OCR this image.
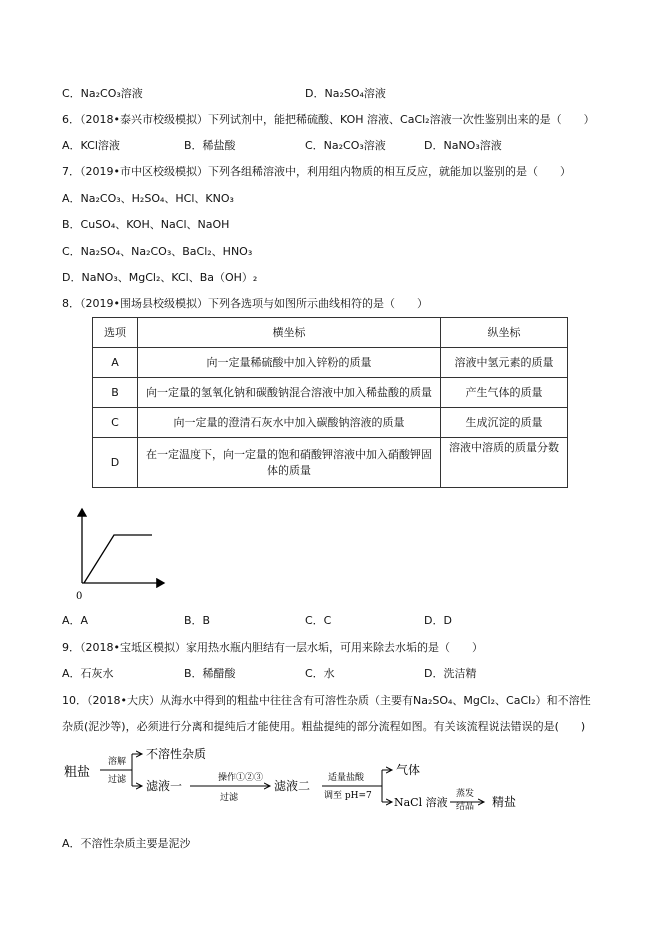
C．Na₂CO₃溶液	D．Na₂SO₄溶液
6．（2018•泰兴市校级模拟）下列试剂中，能把稀硫酸、KOH 溶液、CaCl₂溶液一次性鉴别出来的是（　　）
A．KCl溶液	B．稀盐酸	C．Na₂CO₃溶液	D．NaNO₃溶液
7．（2019•市中区校级模拟）下列各组稀溶液中，利用组内物质的相互反应，就能加以鉴别的是（　　）
A．Na₂CO₃、H₂SO₄、HCl、KNO₃
B．CuSO₄、KOH、NaCl、NaOH
C．Na₂SO₄、Na₂CO₃、BaCl₂、HNO₃
D．NaNO₃、MgCl₂、KCl、Ba（OH）₂
8．（2019•围场县校级模拟）下列各选项与如图所示曲线相符的是（　　）
选项	横坐标	纵坐标
A	向一定量稀硫酸中加入锌粉的质量	溶液中氢元素的质量
B	向一定量的氢氧化钠和碳酸钠混合溶液中加入稀盐酸的质量	产生气体的质量
C	向一定量的澄清石灰水中加入碳酸钠溶液的质量	生成沉淀的质量
D	在一定温度下，向一定量的饱和硝酸钾溶液中加入硝酸钾固体的质量	溶液中溶质的质量分数
0
A．A	B．B	C．C	D．D
9．（2018•宝坻区模拟）家用热水瓶内胆结有一层水垢，可用来除去水垢的是（　　）
A．石灰水	B．稀醋酸	C．水	D．洗洁精
10．（2018•大庆）从海水中得到的粗盐中往往含有可溶性杂质（主要有Na₂SO₄、MgCl₂、CaCl₂）和不溶性
杂质(泥沙等)，必须进行分离和提纯后才能使用。粗盐提纯的部分流程如图。有关该流程说法错误的是(　　)
粗盐
溶解
过滤
不溶性杂质
滤液一
操作①②③
过滤
滤液二
适量盐酸
调至 pH=7
气体
NaCl 溶液
蒸发
精盐
结晶
A．不溶性杂质主要是泥沙
